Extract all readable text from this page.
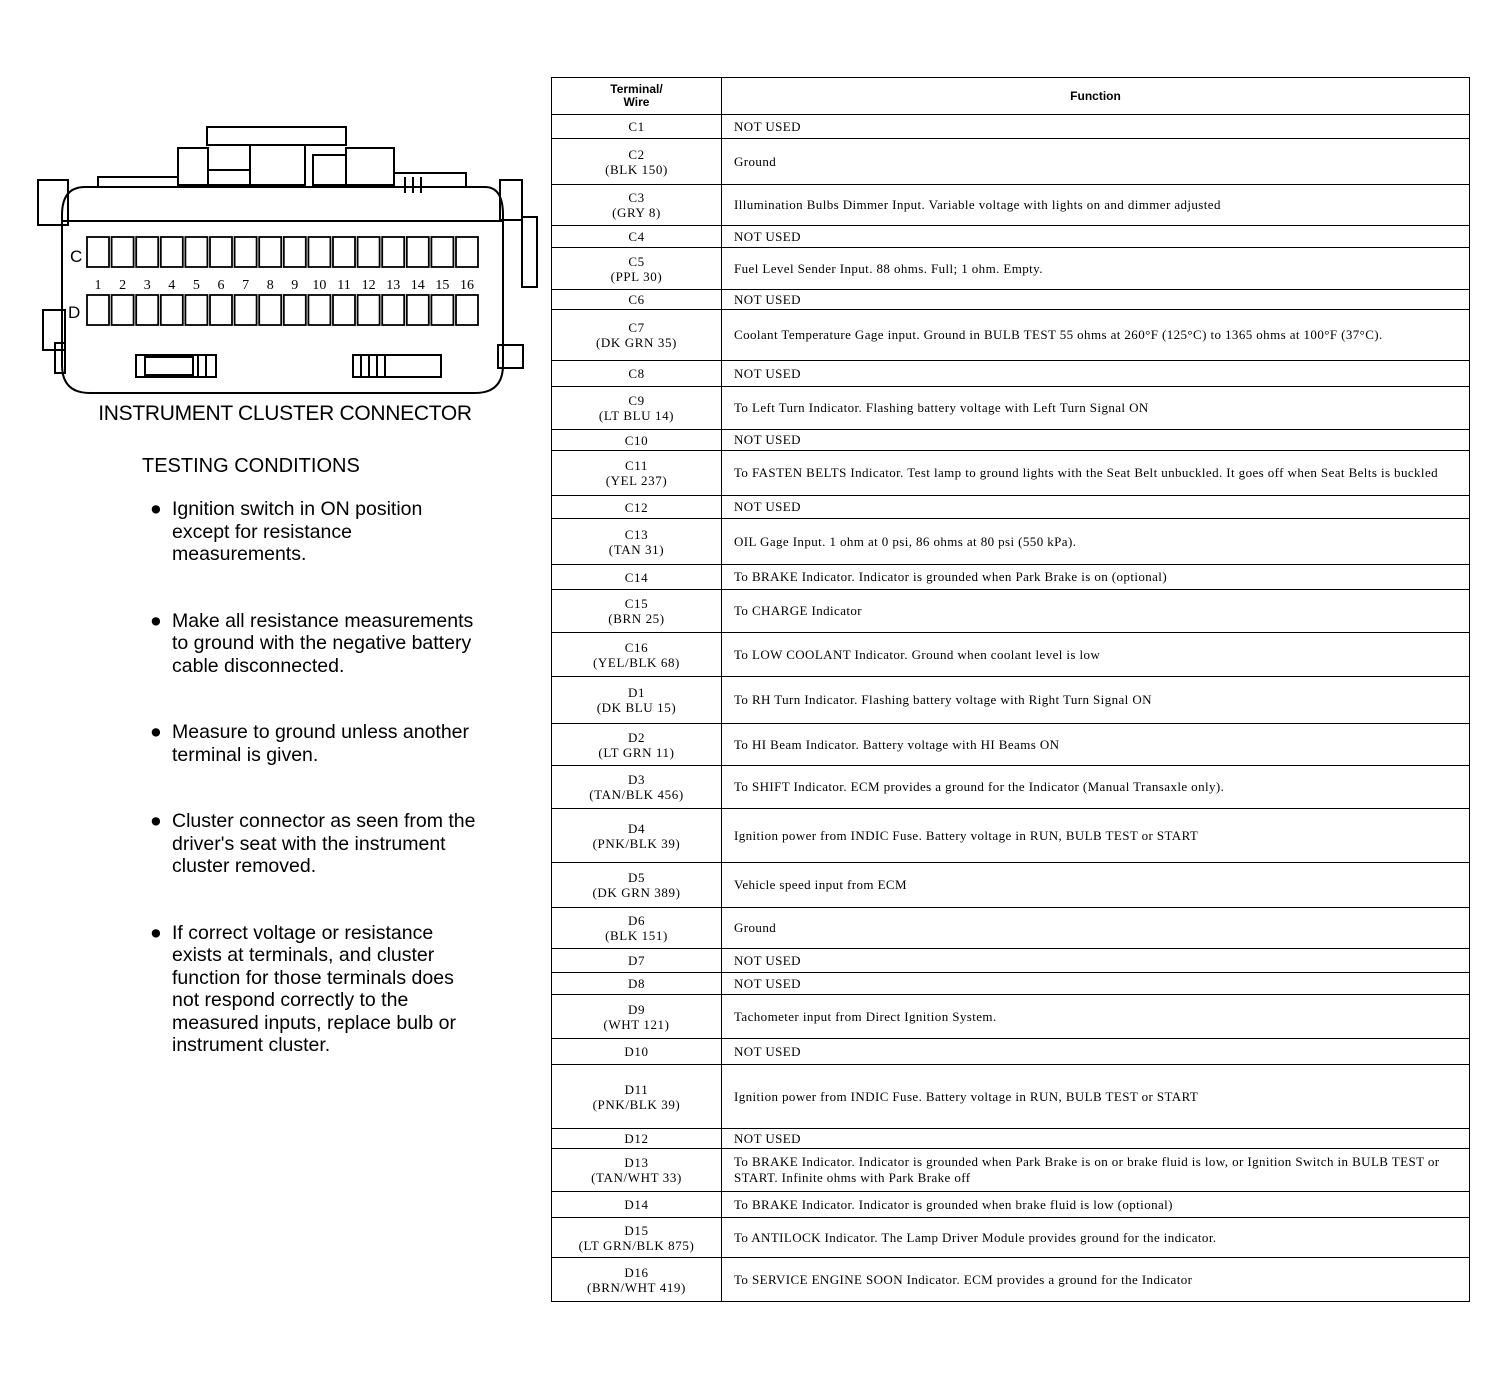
C
D
1 2 3 4 5 6 7 8 9 10 11 12 13 14 15 16
INSTRUMENT CLUSTER CONNECTOR
TESTING CONDITIONS
● Ignition switch in ON position except for resistance measurements.
● Make all resistance measurements to ground with the negative battery cable disconnected.
● Measure to ground unless another terminal is given.
● Cluster connector as seen from the driver's seat with the instrument cluster removed.
● If correct voltage or resistance exists at terminals, and cluster function for those terminals does not respond correctly to the measured inputs, replace bulb or instrument cluster.
Terminal/ Wire	Function

C1	NOT USED

C2
(BLK 150)	Ground

C3
(GRY 8)	Illumination Bulbs Dimmer Input. Variable voltage with lights on and dimmer adjusted

C4	NOT USED

C5
(PPL 30)	Fuel Level Sender Input. 88 ohms. Full; 1 ohm. Empty.

C6	NOT USED

C7
(DK GRN 35)	Coolant Temperature Gage input. Ground in BULB TEST 55 ohms at 260°F (125°C) to 1365 ohms at 100°F (37°C).

C8	NOT USED

C9
(LT BLU 14)	To Left Turn Indicator. Flashing battery voltage with Left Turn Signal ON

C10	NOT USED

C11
(YEL 237)	To FASTEN BELTS Indicator. Test lamp to ground lights with the Seat Belt unbuckled. It goes off when Seat Belts is buckled

C12	NOT USED

C13
(TAN 31)	OIL Gage Input. 1 ohm at 0 psi, 86 ohms at 80 psi (550 kPa).

C14	To BRAKE Indicator. Indicator is grounded when Park Brake is on (optional)

C15
(BRN 25)	To CHARGE Indicator

C16
(YEL/BLK 68)	To LOW COOLANT Indicator. Ground when coolant level is low

D1
(DK BLU 15)	To RH Turn Indicator. Flashing battery voltage with Right Turn Signal ON

D2
(LT GRN 11)	To HI Beam Indicator. Battery voltage with HI Beams ON

D3
(TAN/BLK 456)	To SHIFT Indicator. ECM provides a ground for the Indicator (Manual Transaxle only).

D4
(PNK/BLK 39)	Ignition power from INDIC Fuse. Battery voltage in RUN, BULB TEST or START

D5
(DK GRN 389)	Vehicle speed input from ECM

D6
(BLK 151)	Ground

D7	NOT USED

D8	NOT USED

D9
(WHT 121)	Tachometer input from Direct Ignition System.

D10	NOT USED

D11
(PNK/BLK 39)	Ignition power from INDIC Fuse. Battery voltage in RUN, BULB TEST or START

D12	NOT USED

D13
(TAN/WHT 33)	To BRAKE Indicator. Indicator is grounded when Park Brake is on or brake fluid is low, or Ignition Switch in BULB TEST or START. Infinite ohms with Park Brake off

D14	To BRAKE Indicator. Indicator is grounded when brake fluid is low (optional)

D15
(LT GRN/BLK 875)	To ANTILOCK Indicator. The Lamp Driver Module provides ground for the indicator.

D16
(BRN/WHT 419)	To SERVICE ENGINE SOON Indicator. ECM provides a ground for the Indicator
